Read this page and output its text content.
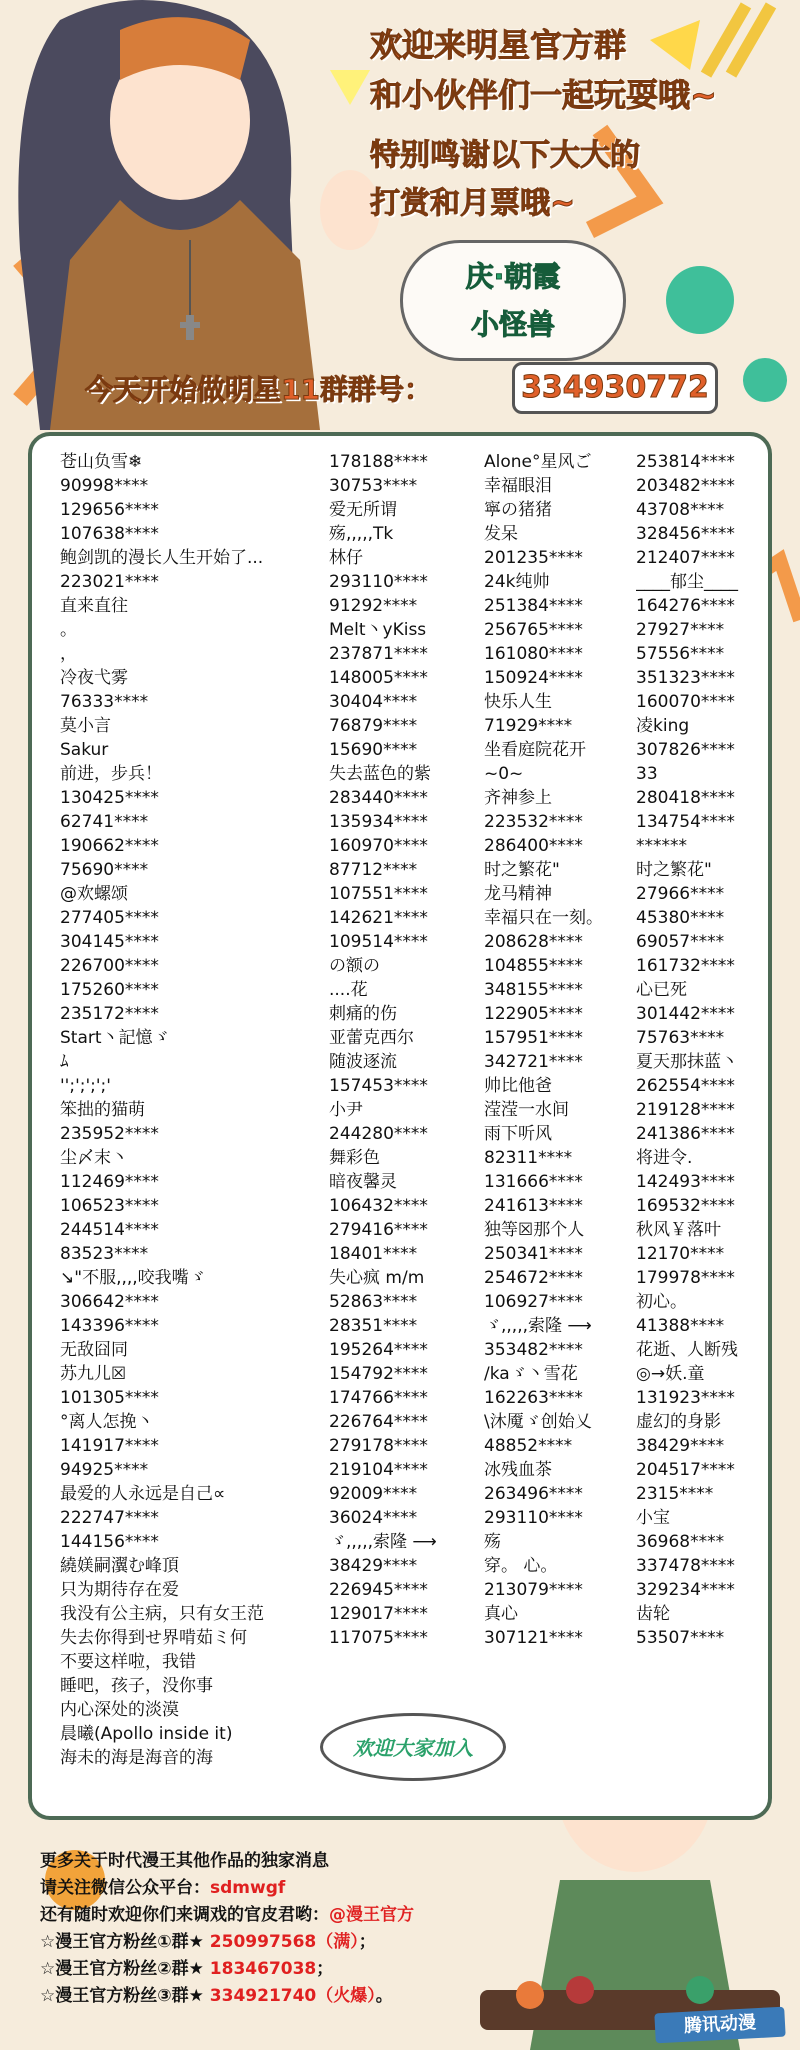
欢迎来明星官方群
和小伙伴们一起玩耍哦~
特别鸣谢以下大大的
打赏和月票哦~
庆·朝霞
小怪兽
今天开始做明星11群群号：	334930772
苍山负雪❄
90998****
129656****
107638****
鲍剑凯的漫长人生开始了...
223021****
直来直往
。
，
冷夜弋雾
76333****
莫小言
Sakur
前进，步兵！
130425****
62741****
190662****
75690****
@欢螺颂
277405****
304145****
226700****
175260****
235172****
Start丶記憶ゞ
ﾑ
'';';';';'
笨拙的猫萌
235952****
尘〆末丶
112469****
106523****
244514****
83523****
↘"不服,,,,咬我嘴ゞ
306642****
143396****
无敌囧同
苏九儿☒
101305****
°离人怎挽丶
141917****
94925****
最爱的人永远是自己∝
222747****
144156****
繞媄嗣瀷む峰頂
只为期待存在爱
我没有公主病，只有女王范
失去你得到せ界啃茹ミ何
不要这样啦，我错
睡吧，孩子，没你事
内心深处的淡漠
晨曦(Apollo inside it)
海未的海是海音的海
178188****
30753****
爱无所谓
殇,,,,,Tk
林仔
293110****
91292****
Melt丶yKiss
237871****
148005****
30404****
76879****
15690****
失去蓝色的紫
283440****
135934****
160970****
87712****
107551****
142621****
109514****
の额の
....花
刺痛的伤
亚蕾克西尔
随波逐流
157453****
小尹
244280****
舞彩色
暗夜馨灵
106432****
279416****
18401****
失心疯 m/m
52863****
28351****
195264****
154792****
174766****
226764****
279178****
219104****
92009****
36024****
ゞ,,,,,索隆 ⟶
38429****
226945****
129017****
117075****
Alone°星风ご
幸福眼泪
寧の猪猪
发呆
201235****
24k纯帅
251384****
256765****
161080****
150924****
快乐人生
71929****
坐看庭院花开
~0~
齐神参上
223532****
286400****
时之繁花"
龙马精神
幸福只在一刻。
208628****
104855****
348155****
122905****
157951****
342721****
帅比他爸
滢滢一水间
雨下听风
82311****
131666****
241613****
独等☒那个人
250341****
254672****
106927****
ゞ,,,,,索隆 ⟶
353482****
/kaゞ丶雪花
162263****
\沐魇ゞ创始乂
48852****
冰残血茶
263496****
293110****
殇
穿。 心。
213079****
真心
307121****
253814****
203482****
43708****
328456****
212407****
____郁尘____
164276****
27927****
57556****
351323****
160070****
凌king
307826****
33
280418****
134754****
******
时之繁花"
27966****
45380****
69057****
161732****
心已死
301442****
75763****
夏天那抹蓝丶
262554****
219128****
241386****
将进令.
142493****
169532****
秋风￥落叶
12170****
179978****
初心。
41388****
花逝、人断残
◎→妖.童
131923****
虚幻的身影
38429****
204517****
2315****
小宝
36968****
337478****
329234****
齿轮
53507****
欢迎大家加入
更多关于时代漫王其他作品的独家消息
请关注微信公众平台：sdmwgf
还有随时欢迎你们来调戏的官皮君哟：@漫王官方
☆漫王官方粉丝①群★ 250997568（满）；
☆漫王官方粉丝②群★ 183467038；
☆漫王官方粉丝③群★ 334921740（火爆）。
腾讯动漫
